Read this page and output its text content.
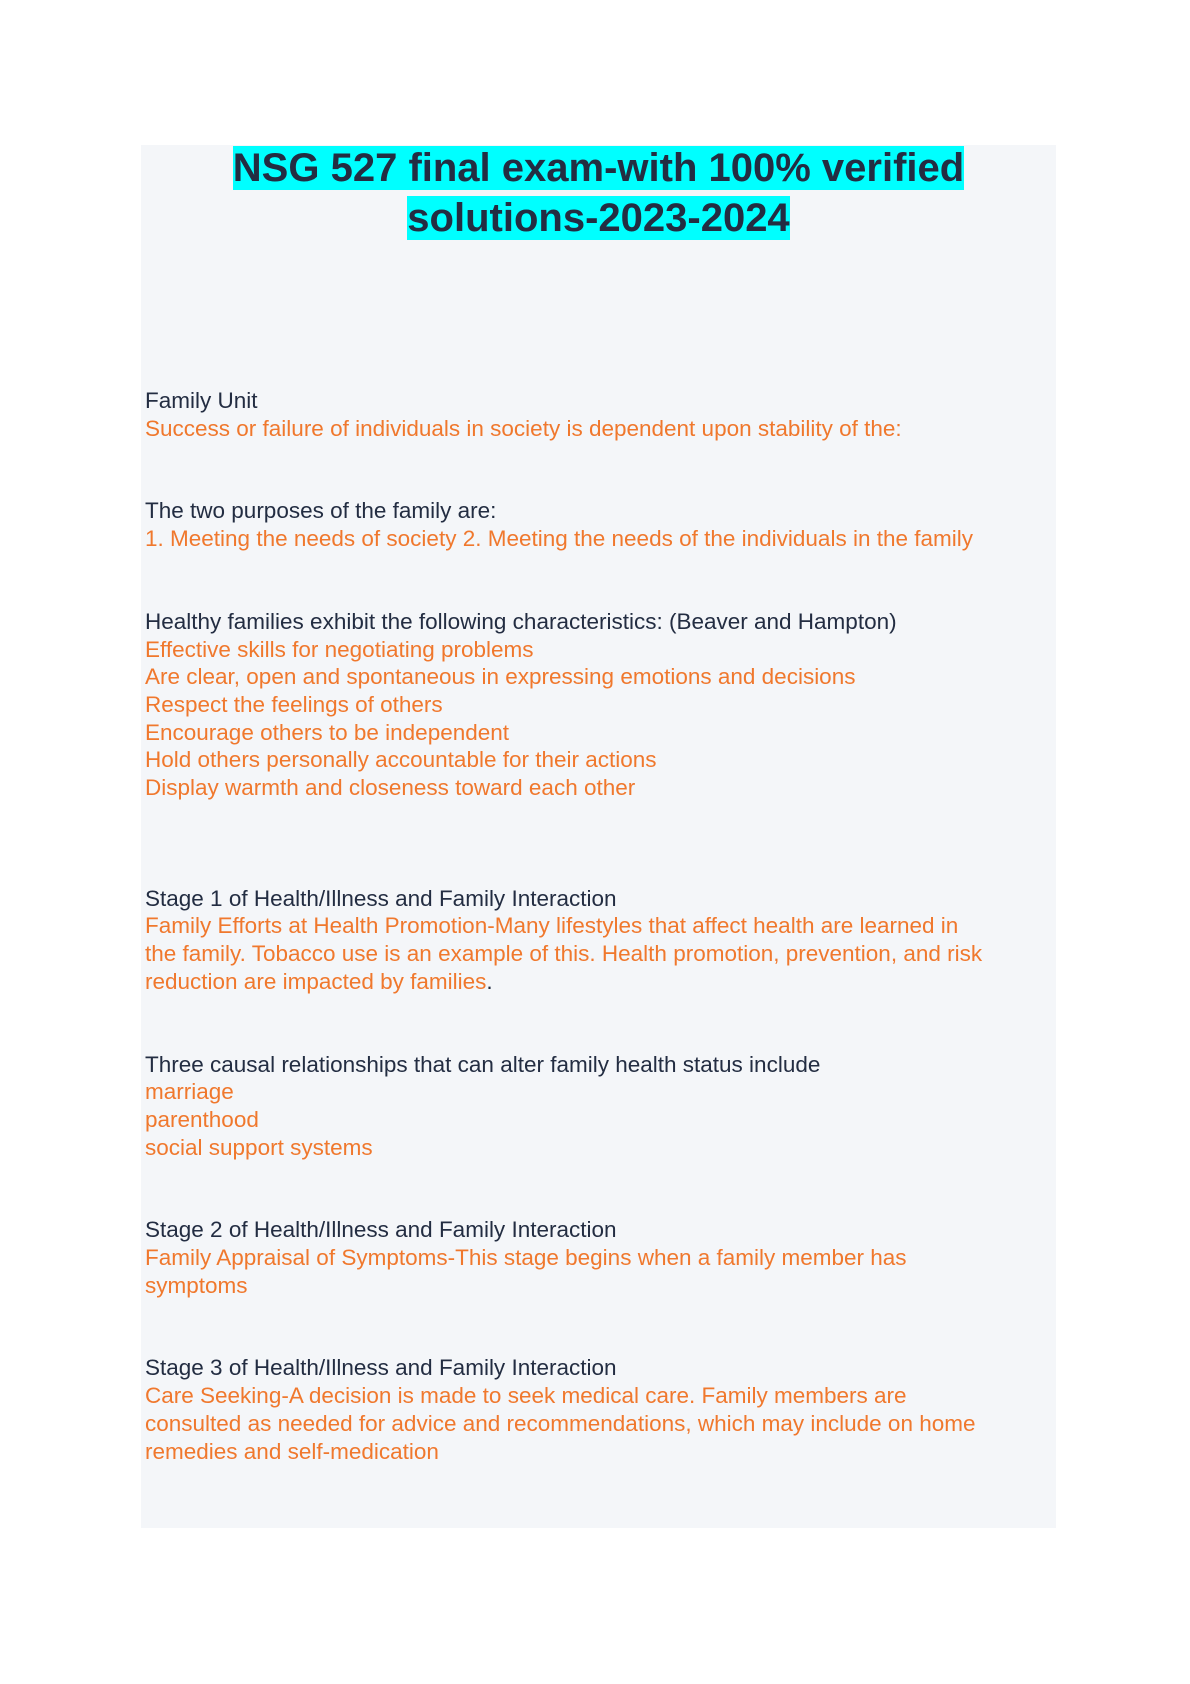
NSG 527 final exam-with 100% verified
solutions-2023-2024
Family Unit
Success or failure of individuals in society is dependent upon stability of the:
The two purposes of the family are:
1. Meeting the needs of society 2. Meeting the needs of the individuals in the family
Healthy families exhibit the following characteristics: (Beaver and Hampton)
Effective skills for negotiating problems
Are clear, open and spontaneous in expressing emotions and decisions
Respect the feelings of others
Encourage others to be independent
Hold others personally accountable for their actions
Display warmth and closeness toward each other
Stage 1 of Health/Illness and Family Interaction
Family Efforts at Health Promotion-Many lifestyles that affect health are learned in
the family. Tobacco use is an example of this. Health promotion, prevention, and risk
reduction are impacted by families.
Three causal relationships that can alter family health status include
marriage
parenthood
social support systems
Stage 2 of Health/Illness and Family Interaction
Family Appraisal of Symptoms-This stage begins when a family member has
symptoms
Stage 3 of Health/Illness and Family Interaction
Care Seeking-A decision is made to seek medical care. Family members are
consulted as needed for advice and recommendations, which may include on home
remedies and self-medication
